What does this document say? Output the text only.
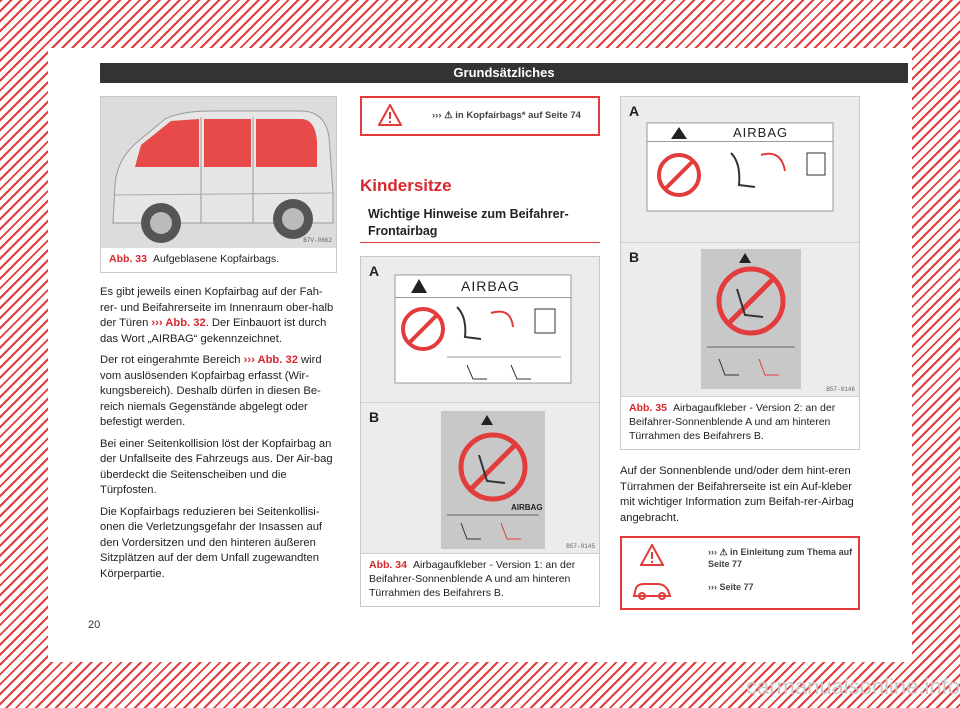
Grundsätzliches
B7V-0662
Abb. 33 Aufgeblasene Kopfairbags.

Es gibt jeweils einen Kopfairbag auf der Fah-rer- und Beifahrerseite im Innenraum ober-halb der Türen ››› Abb. 32. Der Einbauort ist durch das Wort „AIRBAG“ gekennzeichnet.

Der rot eingerahmte Bereich ››› Abb. 32 wird vom auslösenden Kopfairbag erfasst (Wir-kungsbereich). Deshalb dürfen in diesen Be-reich niemals Gegenstände abgelegt oder befestigt werden.

Bei einer Seitenkollision löst der Kopfairbag an der Unfallseite des Fahrzeugs aus. Der Air-bag überdeckt die Seitenscheiben und die Türpfosten.

Die Kopfairbags reduzieren bei Seitenkollisi-onen die Verletzungsgefahr der Insassen auf den Vordersitzen und den hinteren äußeren Sitzplätzen auf der dem Unfall zugewandten Körperpartie.

››› ⚠ in Kopfairbags* auf Seite 74
Kindersitze
Wichtige Hinweise zum Beifahrer-
Frontairbag
A
B
AIRBAG
B57-0145
Abb. 34 Airbagaufkleber - Version 1: an der Beifahrer-Sonnenblende A und am hinteren Türrahmen des Beifahrers B.
AIRBAG
A
AIRBAG
B
B57-0146
Abb. 35 Airbagaufkleber - Version 2: an der Beifahrer-Sonnenblende A und am hinteren Türrahmen des Beifahrers B.

Auf der Sonnenblende und/oder dem hint-eren Türrahmen der Beifahrerseite ist ein Auf-kleber mit wichtiger Information zum Beifah-rer-Airbag angebracht.

››› ⚠ in Einleitung zum Thema auf
Seite 77
››› Seite 77
20
carmanualsonline.info
